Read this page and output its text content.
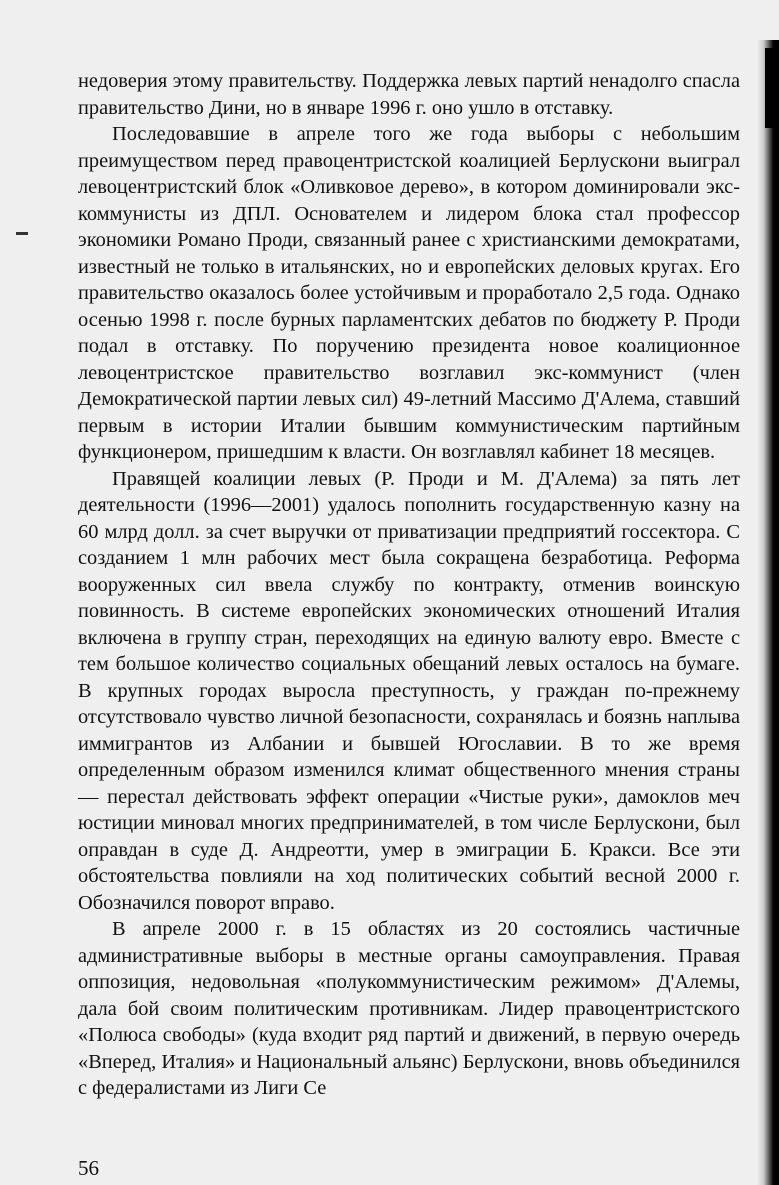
недоверия этому правительству. Поддержка левых партий ненадолго спасла правительство Дини, но в январе 1996 г. оно ушло в отставку.

Последовавшие в апреле того же года выборы с небольшим преимуществом перед правоцентристской коалицией Берлускони выиграл левоцентристский блок «Оливковое дерево», в котором доминировали экс-коммунисты из ДПЛ. Основателем и лидером блока стал профессор экономики Романо Проди, связанный ранее с христианскими демократами, известный не только в итальянских, но и европейских деловых кругах. Его правительство оказалось более устойчивым и проработало 2,5 года. Однако осенью 1998 г. после бурных парламентских дебатов по бюджету Р. Проди подал в отставку. По поручению президента новое коалиционное левоцентристское правительство возглавил экс-коммунист (член Демократической партии левых сил) 49-летний Массимо Д'Алема, ставший первым в истории Италии бывшим коммунистическим партийным функционером, пришедшим к власти. Он возглавлял кабинет 18 месяцев.

Правящей коалиции левых (Р. Проди и М. Д'Алема) за пять лет деятельности (1996—2001) удалось пополнить государственную казну на 60 млрд долл. за счет выручки от приватизации предприятий госсектора. С созданием 1 млн рабочих мест была сокращена безработица. Реформа вооруженных сил ввела службу по контракту, отменив воинскую повинность. В системе европейских экономических отношений Италия включена в группу стран, переходящих на единую валюту евро. Вместе с тем большое количество социальных обещаний левых осталось на бумаге. В крупных городах выросла преступность, у граждан по-прежнему отсутствовало чувство личной безопасности, сохранялась и боязнь наплыва иммигрантов из Албании и бывшей Югославии. В то же время определенным образом изменился климат общественного мнения страны — перестал действовать эффект операции «Чистые руки», дамоклов меч юстиции миновал многих предпринимателей, в том числе Берлускони, был оправдан в суде Д. Андреотти, умер в эмиграции Б. Кракси. Все эти обстоятельства повлияли на ход политических событий весной 2000 г. Обозначился поворот вправо.

В апреле 2000 г. в 15 областях из 20 состоялись частичные административные выборы в местные органы самоуправления. Правая оппозиция, недовольная «полукоммунистическим режимом» Д'Алемы, дала бой своим политическим противникам. Лидер правоцентристского «Полюса свободы» (куда входит ряд партий и движений, в первую очередь «Вперед, Италия» и Национальный альянс) Берлускони, вновь объединился с федералистами из Лиги Се

56
